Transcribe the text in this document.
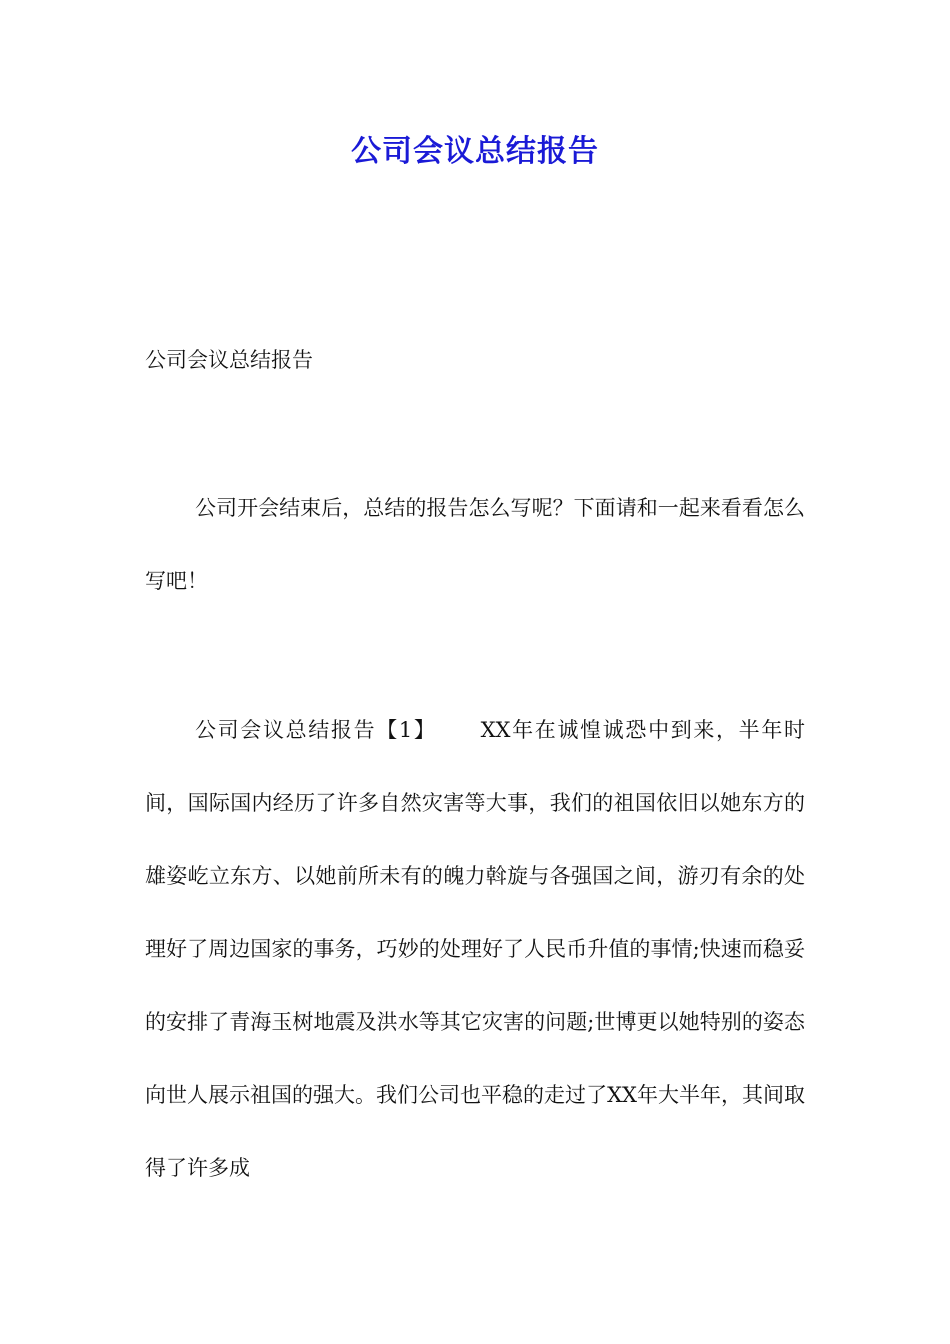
公司会议总结报告
公司会议总结报告

公司开会结束后，总结的报告怎么写呢？下面请和一起来看看怎么写吧！

公司会议总结报告【1】 XX年在诚惶诚恐中到来，半年时间，国际国内经历了许多自然灾害等大事，我们的祖国依旧以她东方的雄姿屹立东方、以她前所未有的魄力斡旋与各强国之间，游刃有余的处理好了周边国家的事务，巧妙的处理好了人民币升值的事情;快速而稳妥的安排了青海玉树地震及洪水等其它灾害的问题;世博更以她特别的姿态向世人展示祖国的强大。我们公司也平稳的走过了XX年大半年，其间取得了许多成
